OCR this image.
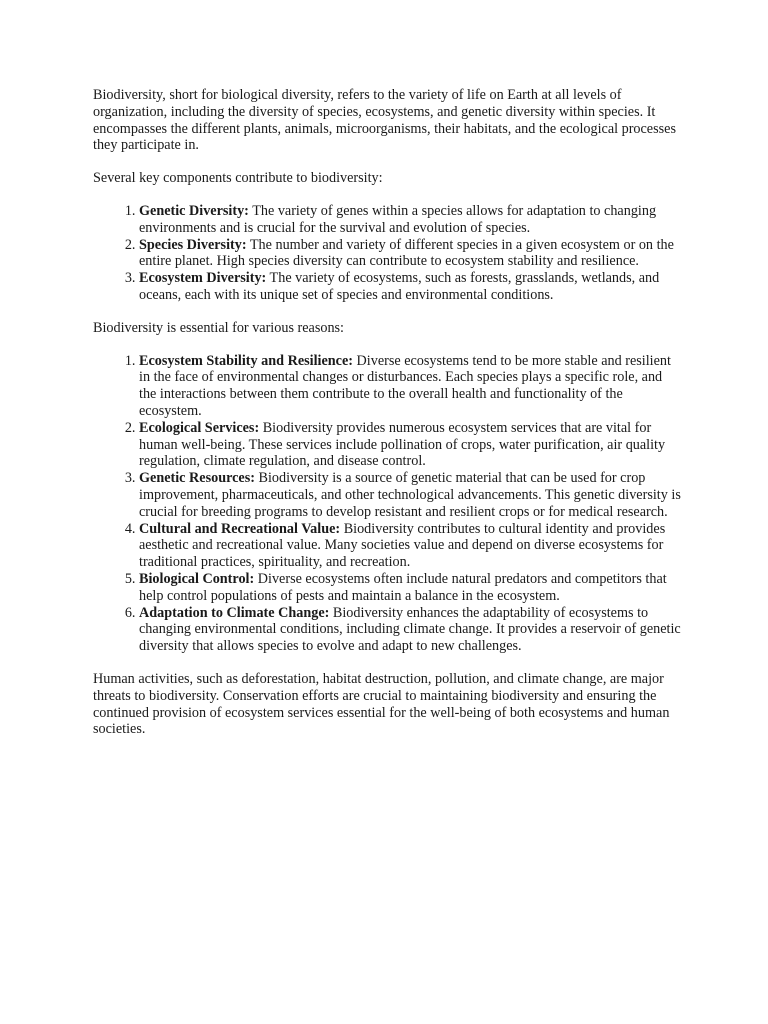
Biodiversity, short for biological diversity, refers to the variety of life on Earth at all levels of organization, including the diversity of species, ecosystems, and genetic diversity within species. It encompasses the different plants, animals, microorganisms, their habitats, and the ecological processes they participate in.

Several key components contribute to biodiversity:

1. Genetic Diversity: The variety of genes within a species allows for adaptation to changing environments and is crucial for the survival and evolution of species.
2. Species Diversity: The number and variety of different species in a given ecosystem or on the entire planet. High species diversity can contribute to ecosystem stability and resilience.
3. Ecosystem Diversity: The variety of ecosystems, such as forests, grasslands, wetlands, and oceans, each with its unique set of species and environmental conditions.

Biodiversity is essential for various reasons:

1. Ecosystem Stability and Resilience: Diverse ecosystems tend to be more stable and resilient in the face of environmental changes or disturbances. Each species plays a specific role, and the interactions between them contribute to the overall health and functionality of the ecosystem.
2. Ecological Services: Biodiversity provides numerous ecosystem services that are vital for human well-being. These services include pollination of crops, water purification, air quality regulation, climate regulation, and disease control.
3. Genetic Resources: Biodiversity is a source of genetic material that can be used for crop improvement, pharmaceuticals, and other technological advancements. This genetic diversity is crucial for breeding programs to develop resistant and resilient crops or for medical research.
4. Cultural and Recreational Value: Biodiversity contributes to cultural identity and provides aesthetic and recreational value. Many societies value and depend on diverse ecosystems for traditional practices, spirituality, and recreation.
5. Biological Control: Diverse ecosystems often include natural predators and competitors that help control populations of pests and maintain a balance in the ecosystem.
6. Adaptation to Climate Change: Biodiversity enhances the adaptability of ecosystems to changing environmental conditions, including climate change. It provides a reservoir of genetic diversity that allows species to evolve and adapt to new challenges.

Human activities, such as deforestation, habitat destruction, pollution, and climate change, are major threats to biodiversity. Conservation efforts are crucial to maintaining biodiversity and ensuring the continued provision of ecosystem services essential for the well-being of both ecosystems and human societies.
